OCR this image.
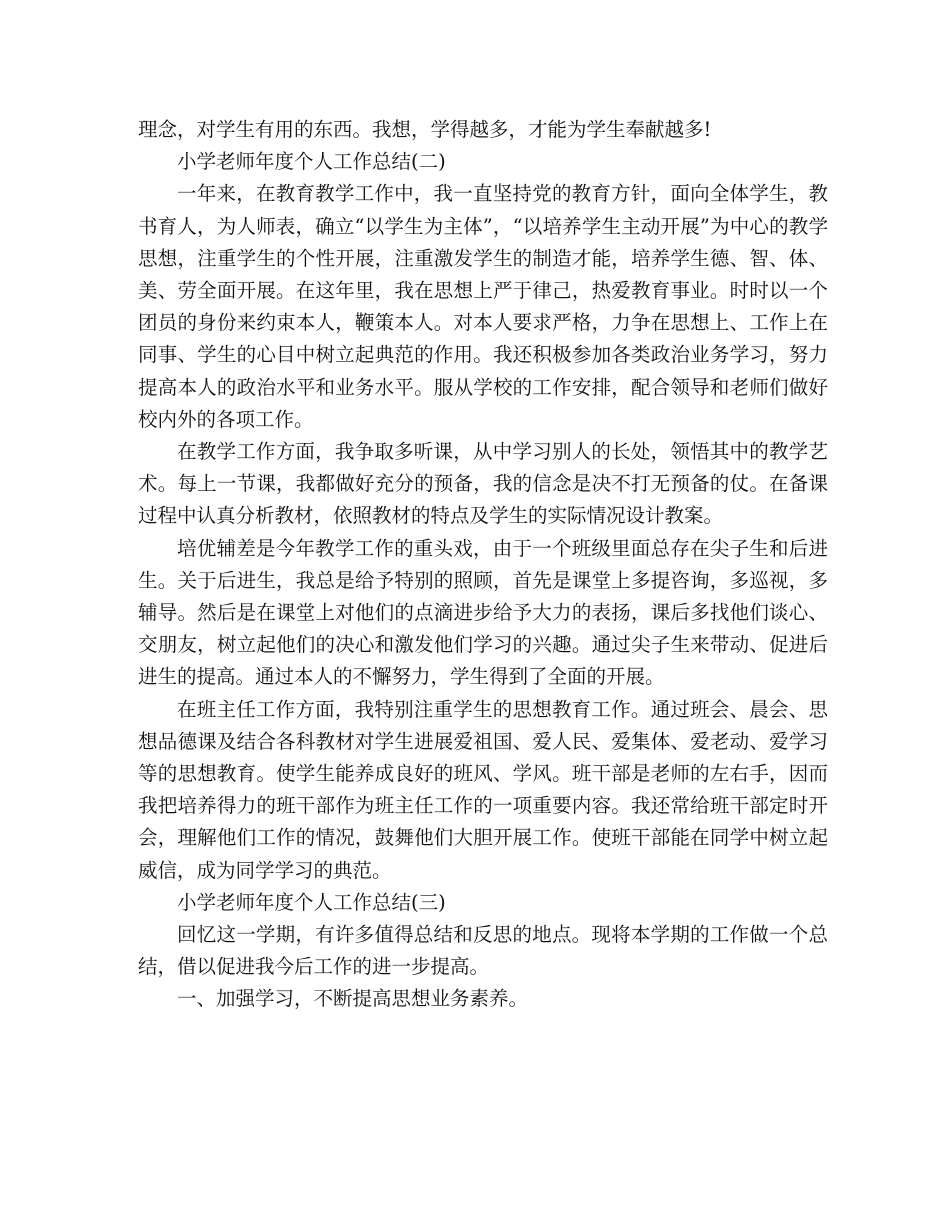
理念，对学生有用的东西。我想，学得越多，才能为学生奉献越多!

小学老师年度个人工作总结(二)

一年来，在教育教学工作中，我一直坚持党的教育方针，面向全体学生，教书育人，为人师表，确立“以学生为主体”，“以培养学生主动开展”为中心的教学思想，注重学生的个性开展，注重激发学生的制造才能，培养学生德、智、体、美、劳全面开展。在这年里，我在思想上严于律己，热爱教育事业。时时以一个团员的身份来约束本人，鞭策本人。对本人要求严格，力争在思想上、工作上在同事、学生的心目中树立起典范的作用。我还积极参加各类政治业务学习，努力提高本人的政治水平和业务水平。服从学校的工作安排，配合领导和老师们做好校内外的各项工作。

在教学工作方面，我争取多听课，从中学习别人的长处，领悟其中的教学艺术。每上一节课，我都做好充分的预备，我的信念是决不打无预备的仗。在备课过程中认真分析教材，依照教材的特点及学生的实际情况设计教案。

培优辅差是今年教学工作的重头戏，由于一个班级里面总存在尖子生和后进生。关于后进生，我总是给予特别的照顾，首先是课堂上多提咨询，多巡视，多辅导。然后是在课堂上对他们的点滴进步给予大力的表扬，课后多找他们谈心、交朋友，树立起他们的决心和激发他们学习的兴趣。通过尖子生来带动、促进后进生的提高。通过本人的不懈努力，学生得到了全面的开展。

在班主任工作方面，我特别注重学生的思想教育工作。通过班会、晨会、思想品德课及结合各科教材对学生进展爱祖国、爱人民、爱集体、爱老动、爱学习等的思想教育。使学生能养成良好的班风、学风。班干部是老师的左右手，因而我把培养得力的班干部作为班主任工作的一项重要内容。我还常给班干部定时开会，理解他们工作的情况，鼓舞他们大胆开展工作。使班干部能在同学中树立起威信，成为同学学习的典范。

小学老师年度个人工作总结(三)

回忆这一学期，有许多值得总结和反思的地点。现将本学期的工作做一个总结，借以促进我今后工作的进一步提高。

一、加强学习，不断提高思想业务素养。
